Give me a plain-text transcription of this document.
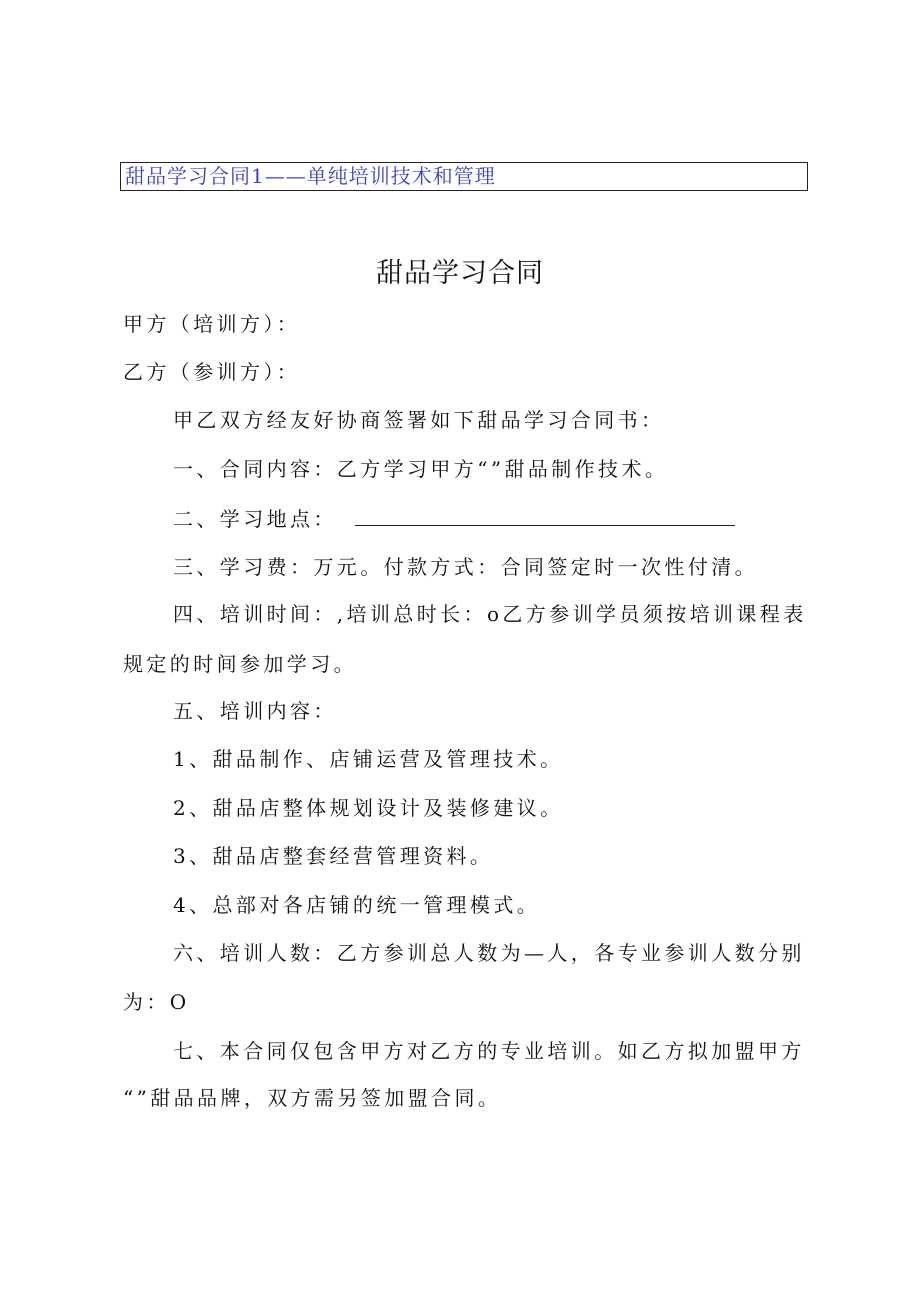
甜品学习合同1——单纯培训技术和管理
甜品学习合同
甲方（培训方）：
乙方（参训方）：
甲乙双方经友好协商签署如下甜品学习合同书：
一、合同内容：乙方学习甲方“”甜品制作技术。
二、学习地点：
三、学习费：万元。付款方式：合同签定时一次性付清。
四、培训时间：,培训总时长：o乙方参训学员须按培训课程表
规定的时间参加学习。
五、培训内容：
1、甜品制作、店铺运营及管理技术。
2、甜品店整体规划设计及装修建议。
3、甜品店整套经营管理资料。
4、总部对各店铺的统一管理模式。
六、培训人数：乙方参训总人数为—人，各专业参训人数分别
为：O
七、本合同仅包含甲方对乙方的专业培训。如乙方拟加盟甲方
“”甜品品牌，双方需另签加盟合同。
